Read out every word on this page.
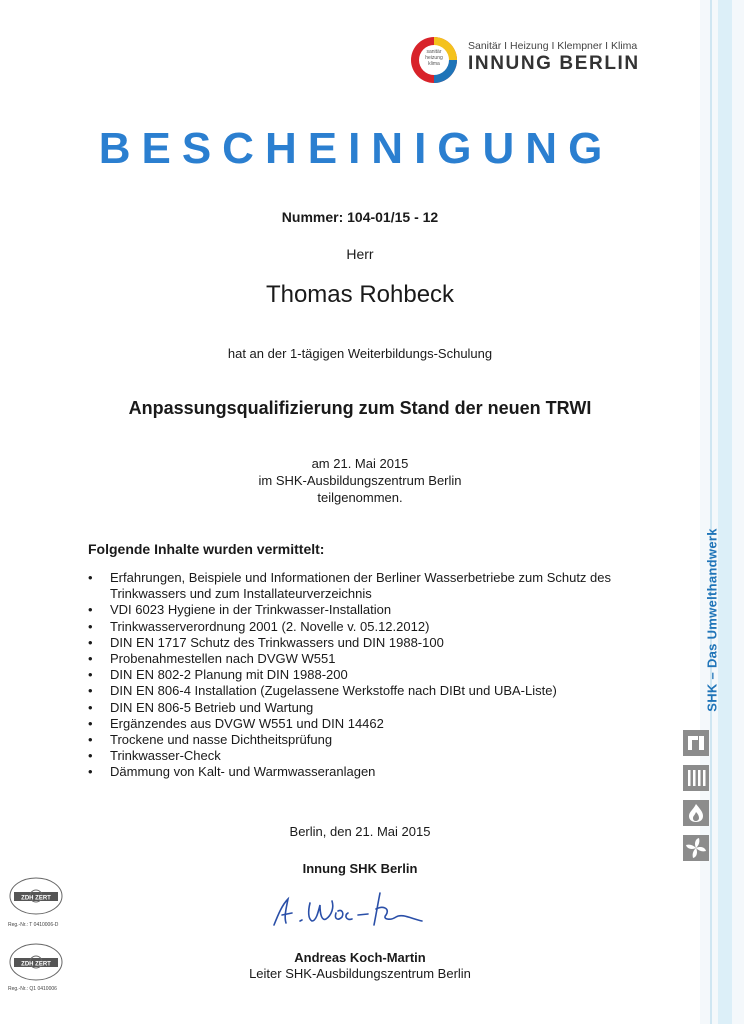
SHK – Das Umwelthandwerk
sanitär heizung klima
Sanitär I Heizung I Klempner I Klima
INNUNG BERLIN
BESCHEINIGUNG
Nummer: 104-01/15 - 12
Herr
Thomas Rohbeck
hat an der 1-tägigen Weiterbildungs-Schulung
Anpassungsqualifizierung zum Stand der neuen TRWI
am 21. Mai 2015
im SHK-Ausbildungszentrum Berlin
teilgenommen.
Folgende Inhalte wurden vermittelt:
• Erfahrungen, Beispiele und Informationen der Berliner Wasserbetriebe zum Schutz des Trinkwassers und zum Installateurverzeichnis
• VDI 6023 Hygiene in der Trinkwasser-Installation
• Trinkwasserverordnung 2001 (2. Novelle v. 05.12.2012)
• DIN EN 1717 Schutz des Trinkwassers und DIN 1988-100
• Probenahmestellen nach DVGW W551
• DIN EN 802-2 Planung mit DIN 1988-200
• DIN EN 806-4 Installation (Zugelassene Werkstoffe nach DIBt und UBA-Liste)
• DIN EN 806-5 Betrieb und Wartung
• Ergänzendes aus DVGW W551 und DIN 14462
• Trockene und nasse Dichtheitsprüfung
• Trinkwasser-Check
• Dämmung von Kalt- und Warmwasseranlagen
Berlin, den 21. Mai 2015
Innung SHK Berlin
Andreas Koch-Martin
Leiter SHK-Ausbildungszentrum Berlin
ZDH ZERT
Reg.-Nr.: T 0410006-D
ZDH ZERT
Reg.-Nr.: Q1 0410006
